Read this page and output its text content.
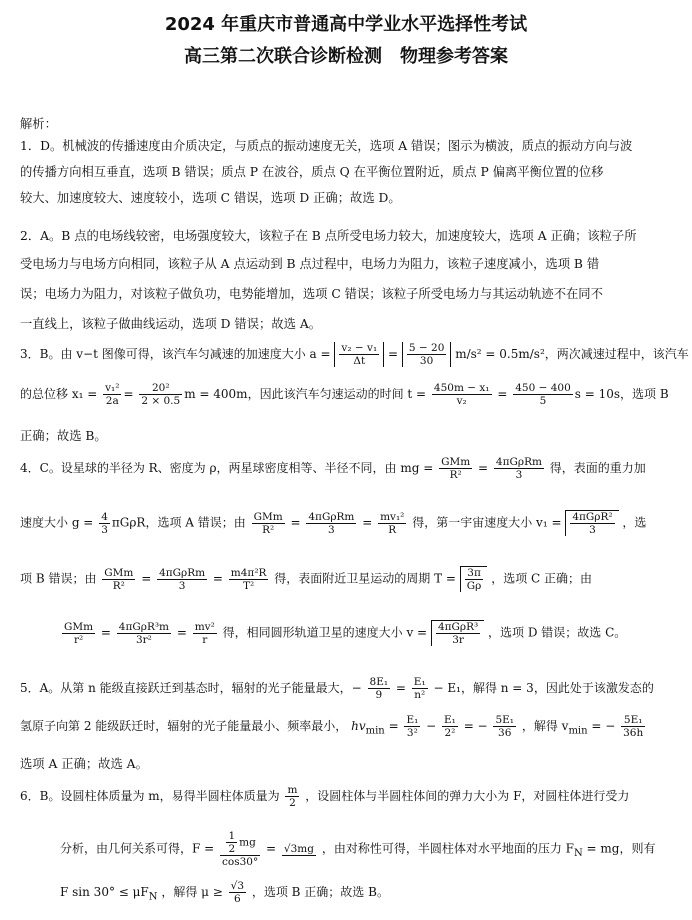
2024 年重庆市普通高中学业水平选择性考试
高三第二次联合诊断检测　物理参考答案
解析：
1．D。机械波的传播速度由介质决定，与质点的振动速度无关，选项 A 错误；图示为横波，质点的振动方向与波
的传播方向相互垂直，选项 B 错误；质点 P 在波谷，质点 Q 在平衡位置附近，质点 P 偏离平衡位置的位移
较大、加速度较大、速度较小，选项 C 错误，选项 D 正确；故选 D。
2．A。B 点的电场线较密，电场强度较大，该粒子在 B 点所受电场力较大，加速度较大，选项 A 正确；该粒子所
受电场力与电场方向相同，该粒子从 A 点运动到 B 点过程中，电场力为阻力，该粒子速度减小，选项 B 错
误；电场力为阻力，对该粒子做负功，电势能增加，选项 C 错误；该粒子所受电场力与其运动轨迹不在同不
一直线上，该粒子做曲线运动，选项 D 错误；故选 A。
3．B。由 v−t 图像可得，该汽车匀减速的加速度大小 $a = \frac{\text{v₂ − v₁}}{\Delta t} = \frac{5 - 20}{30} m/s^2 = 0.5m/s^2$，两次减速过程中，该汽车
的总位移 $x_1 = \frac{\text{v₁²}}{2a} = \frac{\text{20²}}{2 \times 0.5}$ m = 400m，因此该汽车匀速运动的时间 $t = \frac{\text{450m − x₁}}{\text{v₂}} = \frac{450 - 400}{5}$ s = 10s，选项 B
正确；故选 B。
4．C。设星球的半径为 R、密度为 ρ，两星球密度相等、半径不同，由 mg = GMm
R²	= 4πGρRm
3	得，表面的重力加
速度大小 $g = \frac{4}{3}$ πGρR，选项 A 错误；由 GMm
R²	= 4πGρRm
3	= $\frac{\text{mv₁²}}{R}$ 得，第一宇宙速度大小 v₁ = 4πGρR²
3
，选
项 B 错误；由 GMm
R²	= 4πGρRm
3	= $\frac{\text{m4π²R}}{\text{T²}}$ 得，表面附近卫星运动的周期 $T = \frac{3\pi}{G\rho}$ ，选项 C 正确；由
GMm
r²	= 4πGρR³m
3r²	= $\frac{\text{mv²}}{r}$ 得，相同圆形轨道卫星的速度大小 v = 4πGρR³
3r
，选项 D 错误；故选 C。
5．A。从第 n 能级直接跃迁到基态时，辐射的光子能量最大，− $\frac{\text{8E₁}}{9} = \frac{\text{E₁}}{\text{n²}} - E_1$，解得 n = 3，因此处于该激发态的
氢原子向第 2 能级跃迁时，辐射的光子能量最小、频率最小， $hv_{min} = \frac{\text{E₁}}{\text{3²}} - \frac{\text{E₁}}{\text{2²}}$ = − $\frac{\text{5E₁}}{36}$ ，解得 $v_{min}$ = − $\frac{\text{5E₁}}{36h}$
选项 A 正确；故选 A。
6．B。设圆柱体质量为 m，易得半圆柱体质量为 $\frac{m}{2}$ ，设圆柱体与半圆柱体间的弹力大小为 F，对圆柱体进行受力
分析，由几何关系可得，$F = \frac{\frac{1}{2} mg}{\cos 30^\circ} = √3mg$ ，由对称性可得，半圆柱体对水平地面的压力 $F_N$ = mg，则有
F $\sin 30^\circ \le \mu F_N$ ，解得 $\mu \ge \frac{√3}{6}$ ，选项 B 正确；故选 B。
